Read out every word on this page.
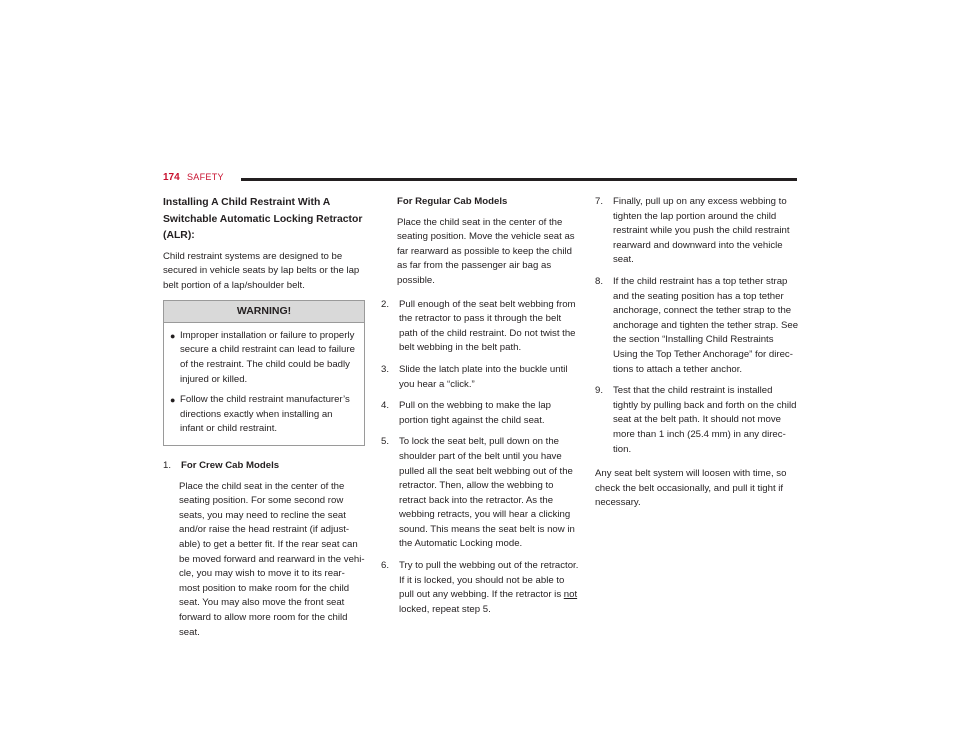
174 SAFETY
Installing A Child Restraint With A Switchable Automatic Locking Retractor (ALR):
Child restraint systems are designed to be secured in vehicle seats by lap belts or the lap belt portion of a lap/shoulder belt.
WARNING!
● Improper installation or failure to properly secure a child restraint can lead to failure of the restraint. The child could be badly injured or killed.
● Follow the child restraint manufacturer’s directions exactly when installing an infant or child restraint.
1.	For Crew Cab Models
Place the child seat in the center of the seating position. For some second row seats, you may need to recline the seat and/or raise the head restraint (if adjust-able) to get a better fit. If the rear seat can be moved forward and rearward in the vehi-cle, you may wish to move it to its rear-most position to make room for the child seat. You may also move the front seat forward to allow more room for the child seat.
For Regular Cab Models
Place the child seat in the center of the seating position. Move the vehicle seat as far rearward as possible to keep the child as far from the passenger air bag as possible.
2.	Pull enough of the seat belt webbing from the retractor to pass it through the belt path of the child restraint. Do not twist the belt webbing in the belt path.
3.	Slide the latch plate into the buckle until you hear a “click.”
4.	Pull on the webbing to make the lap portion tight against the child seat.
5.	To lock the seat belt, pull down on the shoulder part of the belt until you have pulled all the seat belt webbing out of the retractor. Then, allow the webbing to retract back into the retractor. As the webbing retracts, you will hear a clicking sound. This means the seat belt is now in the Automatic Locking mode.
6.	Try to pull the webbing out of the retractor. If it is locked, you should not be able to pull out any webbing. If the retractor is not locked, repeat step 5.
7.	Finally, pull up on any excess webbing to tighten the lap portion around the child restraint while you push the child restraint rearward and downward into the vehicle seat.
8.	If the child restraint has a top tether strap and the seating position has a top tether anchorage, connect the tether strap to the anchorage and tighten the tether strap. See the section “Installing Child Restraints Using the Top Tether Anchorage” for direc-tions to attach a tether anchor.
9.	Test that the child restraint is installed tightly by pulling back and forth on the child seat at the belt path. It should not move more than 1 inch (25.4 mm) in any direc-tion.
Any seat belt system will loosen with time, so check the belt occasionally, and pull it tight if necessary.
